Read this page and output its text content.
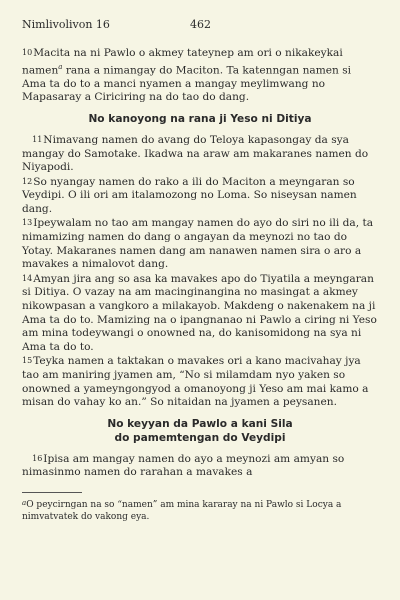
Nimlivolivon 16	462

10Macita na ni Pawlo o akmey tateynep am ori o nikakeykai namen$^a$ rana a nimangay do Maciton. Ta katenngan namen si Ama ta do to a manci nyamen a mangay meylimwang no Mapasaray a Ciriciring na do tao do dang.

No kanoyong na rana ji Yeso ni Ditiya

11Nimavang namen do avang do Teloya kapasongay da sya mangay do Samotake. Ikadwa na araw am makaranes namen do Niyapodi.

12So nyangay namen do rako a ili do Maciton a meyngaran so Veydipi. O ili ori am italamozong no Loma. So niseysan namen dang.

13Ipeywalam no tao am mangay namen do ayo do siri no ili da, ta nimamizing namen do dang o angayan da meynozi no tao do Yotay. Makaranes namen dang am nanawen namen sira o aro a mavakes a nimalovot dang.

14Amyan jira ang so asa ka mavakes apo do Tiyatila a meyngaran si Ditiya. O vazay na am macinginangina no masingat a akmey nikowpasan a vangkoro a milakayob. Makdeng o nakenakem na ji Ama ta do to. Mamizing na o ipangnanao ni Pawlo a ciring ni Yeso am mina todeywangi o onowned na, do kanisomidong na sya ni Ama ta do to.

15Teyka namen a taktakan o mavakes ori a kano macivahay jya tao am maniring jyamen am, “No si milamdam nyo yaken so onowned a yameyngongyod a omanoyong ji Yeso am mai kamo a misan do vahay ko an.” So nitaidan na jyamen a peysanen.

No keyyan da Pawlo a kani Sila
do pamemtengan do Veydipi

16Ipisa am mangay namen do ayo a meynozi am amyan so nimasinmo namen do rarahan a mavakes a

$^a$O peycirngan na so “namen” am mina kararay na ni Pawlo si Locya a nimvatvatek do vakong eya.
